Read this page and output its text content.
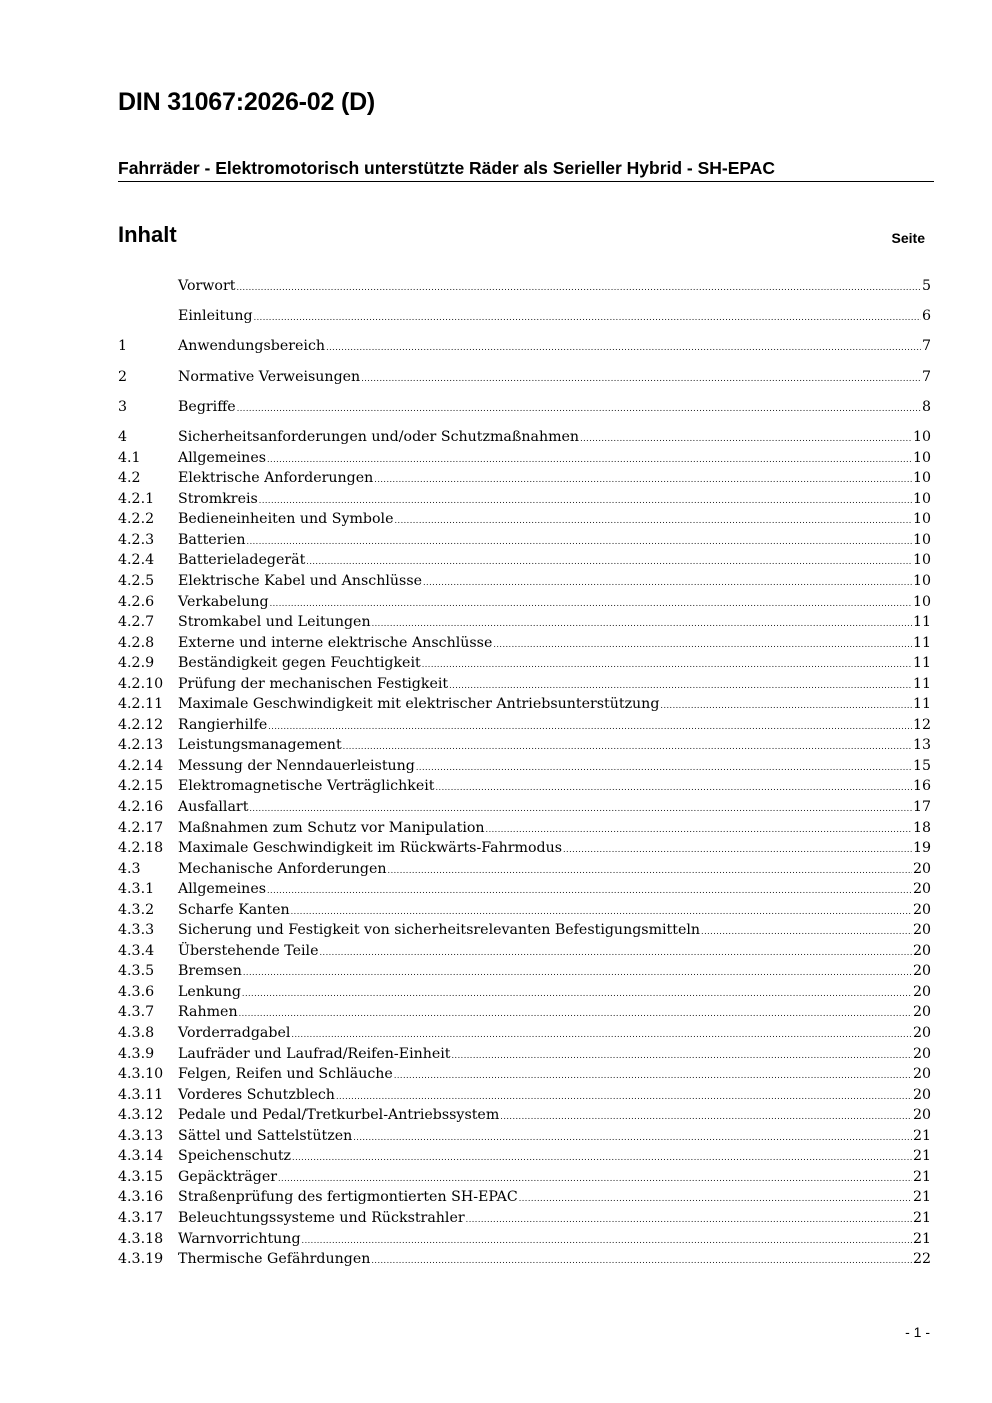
DIN 31067:2026-02 (D)
Fahrräder - Elektromotorisch unterstützte Räder als Serieller Hybrid - SH-EPAC
Inhalt	Seite
Vorwort .....	5
Einleitung .....	6
1	Anwendungsbereich .....	7
2	Normative Verweisungen .....	7
3	Begriffe .....	8
4	Sicherheitsanforderungen und/oder Schutzmaßnahmen .....	10
4.1	Allgemeines .....	10
4.2	Elektrische Anforderungen .....	10
4.2.1	Stromkreis .....	10
4.2.2	Bedieneinheiten und Symbole .....	10
4.2.3	Batterien .....	10
4.2.4	Batterieladegerät .....	10
4.2.5	Elektrische Kabel und Anschlüsse .....	10
4.2.6	Verkabelung .....	10
4.2.7	Stromkabel und Leitungen .....	11
4.2.8	Externe und interne elektrische Anschlüsse .....	11
4.2.9	Beständigkeit gegen Feuchtigkeit .....	11
4.2.10	Prüfung der mechanischen Festigkeit .....	11
4.2.11	Maximale Geschwindigkeit mit elektrischer Antriebsunterstützung .....	11
4.2.12	Rangierhilfe .....	12
4.2.13	Leistungsmanagement .....	13
4.2.14	Messung der Nenndauerleistung .....	15
4.2.15	Elektromagnetische Verträglichkeit .....	16
4.2.16	Ausfallart .....	17
4.2.17	Maßnahmen zum Schutz vor Manipulation .....	18
4.2.18	Maximale Geschwindigkeit im Rückwärts-Fahrmodus .....	19
4.3	Mechanische Anforderungen .....	20
4.3.1	Allgemeines .....	20
4.3.2	Scharfe Kanten .....	20
4.3.3	Sicherung und Festigkeit von sicherheitsrelevanten Befestigungsmitteln .....	20
4.3.4	Überstehende Teile .....	20
4.3.5	Bremsen .....	20
4.3.6	Lenkung .....	20
4.3.7	Rahmen .....	20
4.3.8	Vorderradgabel .....	20
4.3.9	Laufräder und Laufrad/Reifen-Einheit .....	20
4.3.10	Felgen, Reifen und Schläuche .....	20
4.3.11	Vorderes Schutzblech .....	20
4.3.12	Pedale und Pedal/Tretkurbel-Antriebssystem .....	20
4.3.13	Sättel und Sattelstützen .....	21
4.3.14	Speichenschutz .....	21
4.3.15	Gepäckträger .....	21
4.3.16	Straßenprüfung des fertigmontierten SH-EPAC .....	21
4.3.17	Beleuchtungssysteme und Rückstrahler .....	21
4.3.18	Warnvorrichtung .....	21
4.3.19	Thermische Gefährdungen .....	22
- 1 -
